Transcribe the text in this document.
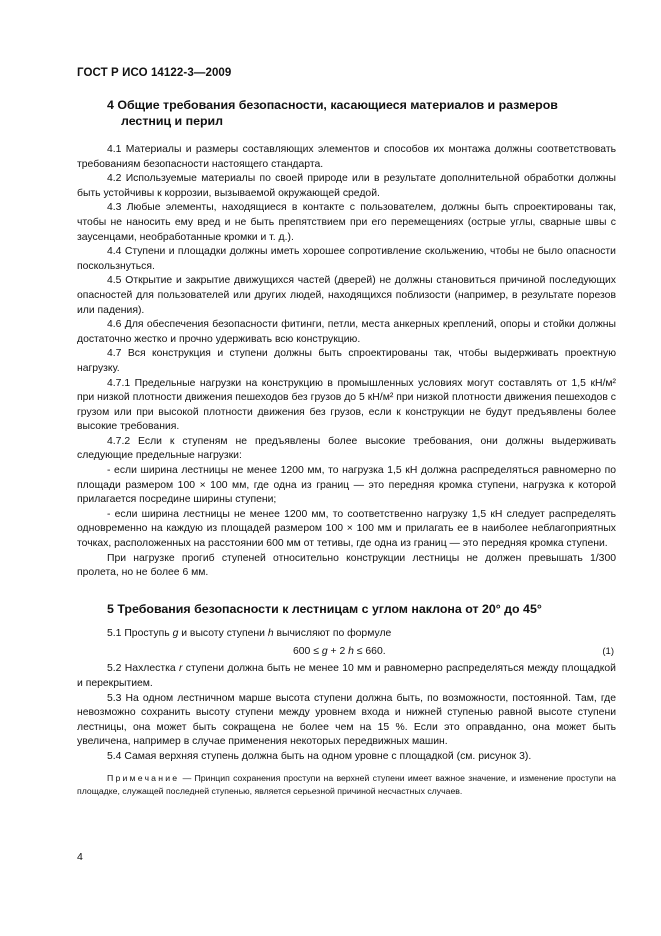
ГОСТ Р ИСО 14122-3—2009
4 Общие требования безопасности, касающиеся материалов и размеров
лестниц и перил

4.1 Материалы и размеры составляющих элементов и способов их монтажа должны соответствовать требованиям безопасности настоящего стандарта.

4.2 Используемые материалы по своей природе или в результате дополнительной обработки должны быть устойчивы к коррозии, вызываемой окружающей средой.

4.3 Любые элементы, находящиеся в контакте с пользователем, должны быть спроектированы так, чтобы не наносить ему вред и не быть препятствием при его перемещениях (острые углы, сварные швы с заусенцами, необработанные кромки и т. д.).

4.4 Ступени и площадки должны иметь хорошее сопротивление скольжению, чтобы не было опасности поскользнуться.

4.5 Открытие и закрытие движущихся частей (дверей) не должны становиться причиной последующих опасностей для пользователей или других людей, находящихся поблизости (например, в результате порезов или падения).

4.6 Для обеспечения безопасности фитинги, петли, места анкерных креплений, опоры и стойки должны достаточно жестко и прочно удерживать всю конструкцию.

4.7 Вся конструкция и ступени должны быть спроектированы так, чтобы выдерживать проектную нагрузку.

4.7.1 Предельные нагрузки на конструкцию в промышленных условиях могут составлять от 1,5 кН/м² при низкой плотности движения пешеходов без грузов до 5 кН/м² при низкой плотности движения пешеходов с грузом или при высокой плотности движения без грузов, если к конструкции не будут предъявлены более высокие требования.

4.7.2 Если к ступеням не предъявлены более высокие требования, они должны выдерживать следующие предельные нагрузки:

- если ширина лестницы не менее 1200 мм, то нагрузка 1,5 кН должна распределяться равномерно по площади размером 100 × 100 мм, где одна из границ — это передняя кромка ступени, нагрузка к которой прилагается посредине ширины ступени;

- если ширина лестницы не менее 1200 мм, то соответственно нагрузку 1,5 кН следует распределять одновременно на каждую из площадей размером 100 × 100 мм и прилагать ее в наиболее неблагоприятных точках, расположенных на расстоянии 600 мм от тетивы, где одна из границ — это передняя кромка ступени.

При нагрузке прогиб ступеней относительно конструкции лестницы не должен превышать 1/300 пролета, но не более 6 мм.

5 Требования безопасности к лестницам с углом наклона от 20° до 45°

5.1 Проступь g и высоту ступени h вычисляют по формуле

600 ≤ g + 2 h ≤ 660.	(1)

5.2 Нахлестка r ступени должна быть не менее 10 мм и равномерно распределяться между площадкой и перекрытием.

5.3 На одном лестничном марше высота ступени должна быть, по возможности, постоянной. Там, где невозможно сохранить высоту ступени между уровнем входа и нижней ступенью равной высоте ступени лестницы, она может быть сокращена не более чем на 15 %. Если это оправданно, она может быть увеличена, например в случае применения некоторых передвижных машин.

5.4 Самая верхняя ступень должна быть на одном уровне с площадкой (см. рисунок 3).

Примечание — Принцип сохранения проступи на верхней ступени имеет важное значение, и изменение проступи на площадке, служащей последней ступенью, является серьезной причиной несчастных случаев.

4
